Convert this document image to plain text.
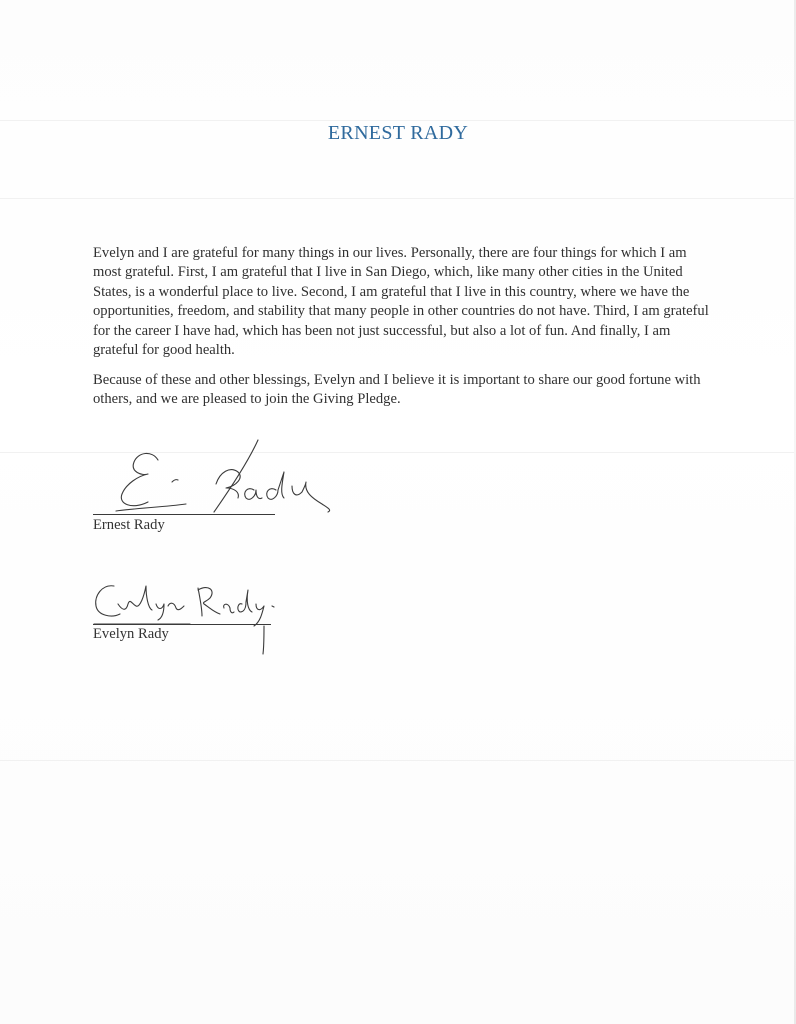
ERNEST RADY

Evelyn and I are grateful for many things in our lives. Personally, there are four things for which I am most grateful. First, I am grateful that I live in San Diego, which, like many other cities in the United States, is a wonderful place to live. Second, I am grateful that I live in this country, where we have the opportunities, freedom, and stability that many people in other countries do not have. Third, I am grateful for the career I have had, which has been not just successful, but also a lot of fun. And finally, I am grateful for good health.

Because of these and other blessings, Evelyn and I believe it is important to share our good fortune with others, and we are pleased to join the Giving Pledge.

Ernest Rady
Evelyn Rady
